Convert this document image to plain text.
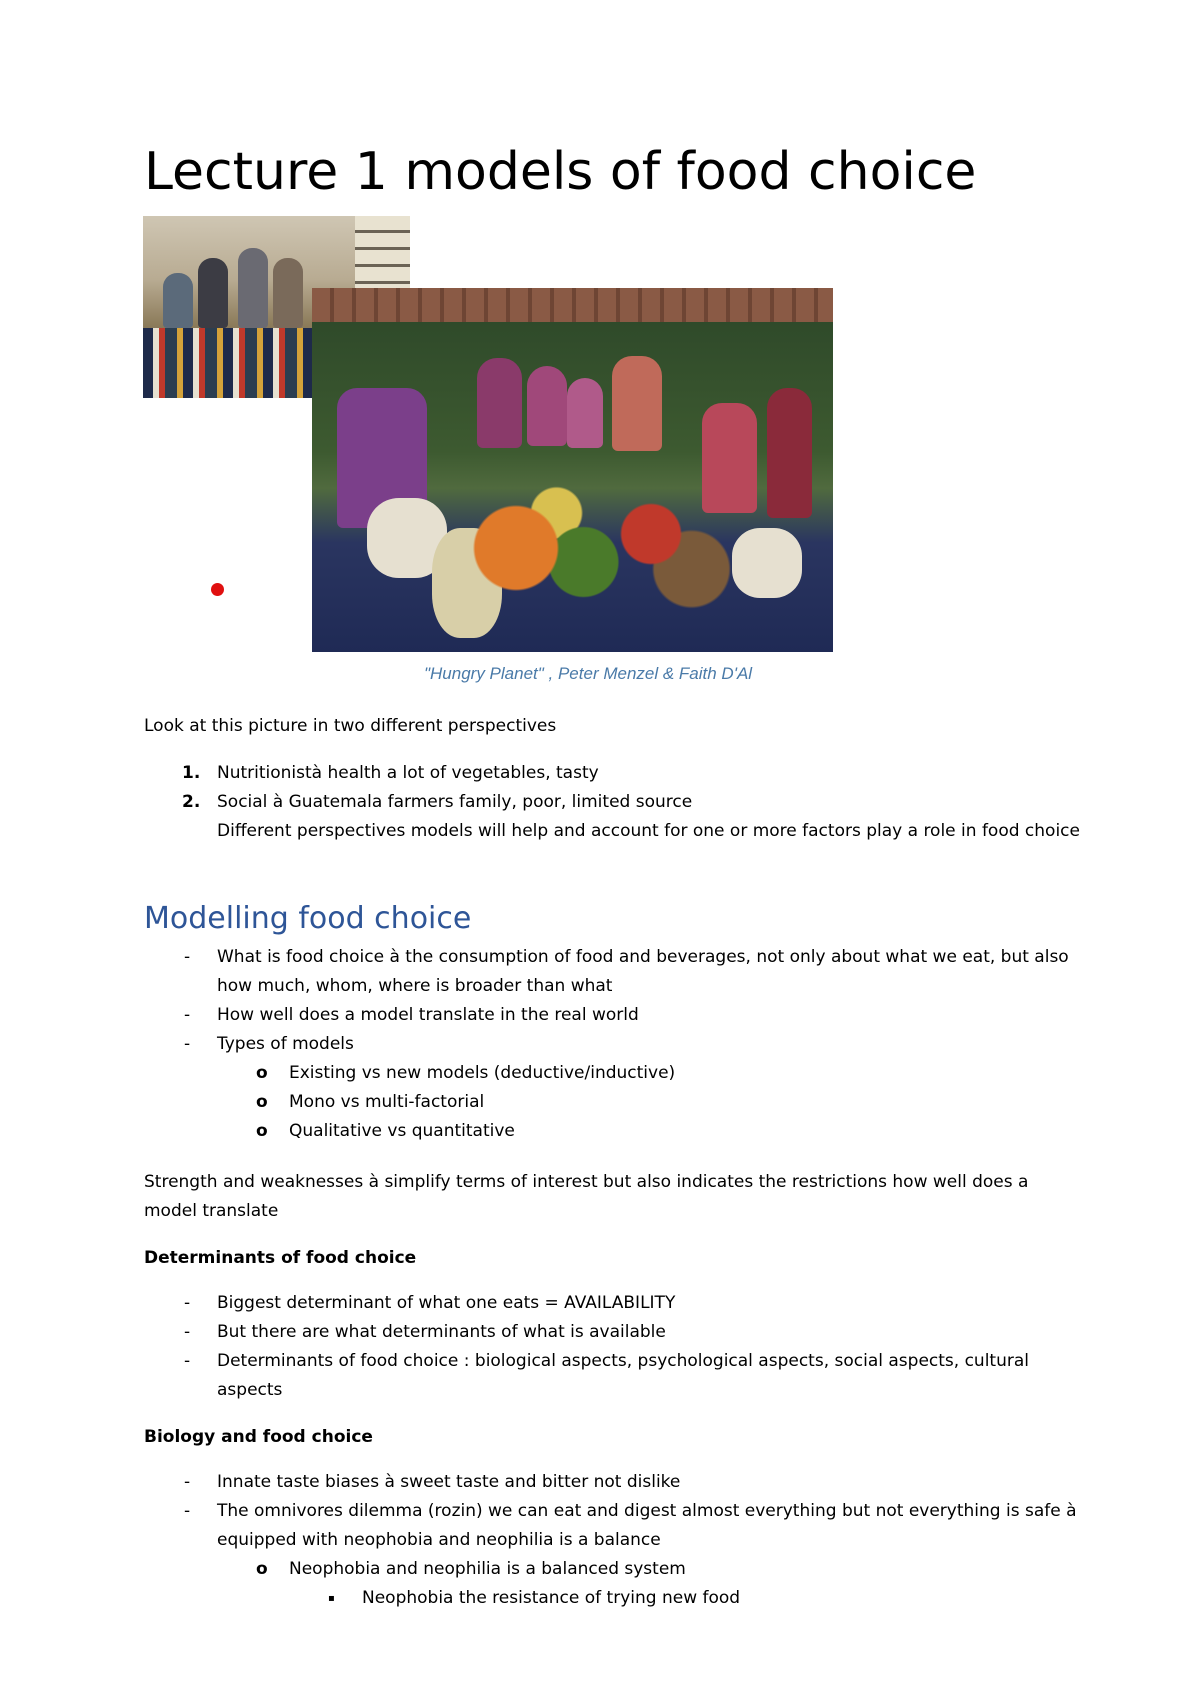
Lecture 1 models of food choice

"Hungry Planet" , Peter Menzel & Faith D'Al

Look at this picture in two different perspectives

1. Nutritionistà health a lot of vegetables, tasty
2. Social à Guatemala farmers family, poor, limited source
Different perspectives models will help and account for one or more factors play a role in food choice
Modelling food choice
-	What is food choice à the consumption of food and beverages, not only about what we eat, but also how much, whom, where is broader than what
-	How well does a model translate in the real world
-	Types of models
o	Existing vs new models (deductive/inductive)
o	Mono vs multi-factorial
o	Qualitative vs quantitative

Strength and weaknesses à simplify terms of interest but also indicates the restrictions how well does a model translate

Determinants of food choice

-	Biggest determinant of what one eats = AVAILABILITY
-	But there are what determinants of what is available
-	Determinants of food choice : biological aspects, psychological aspects, social aspects, cultural aspects

Biology and food choice

-	Innate taste biases à sweet taste and bitter not dislike
-	The omnivores dilemma (rozin) we can eat and digest almost everything but not everything is safe à equipped with neophobia and neophilia is a balance
o	Neophobia and neophilia is a balanced system
▪	Neophobia the resistance of trying new food
